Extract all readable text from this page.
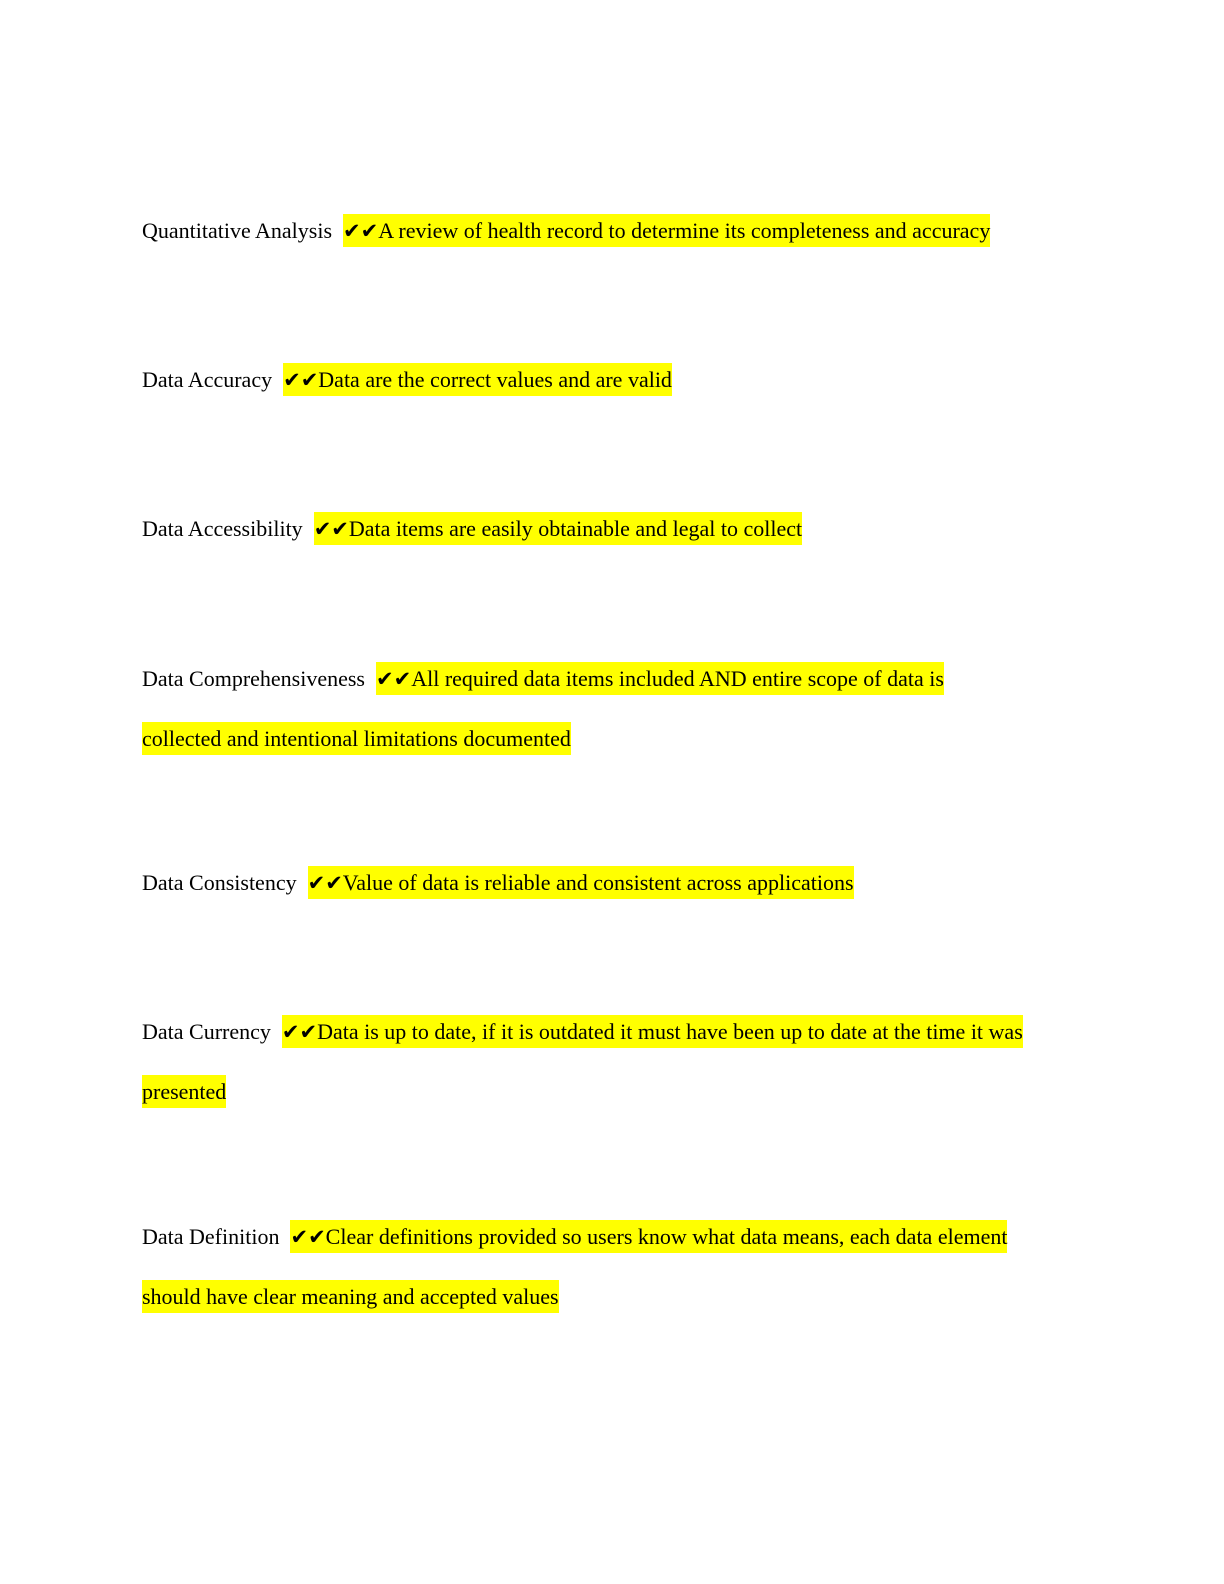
Quantitative Analysis  ✔✔A review of health record to determine its completeness and accuracy
Data Accuracy  ✔✔Data are the correct values and are valid
Data Accessibility  ✔✔Data items are easily obtainable and legal to collect
Data Comprehensiveness  ✔✔All required data items included AND entire scope of data is collected and intentional limitations documented
Data Consistency  ✔✔Value of data is reliable and consistent across applications
Data Currency  ✔✔Data is up to date, if it is outdated it must have been up to date at the time it was presented
Data Definition  ✔✔Clear definitions provided so users know what data means, each data element should have clear meaning and accepted values
